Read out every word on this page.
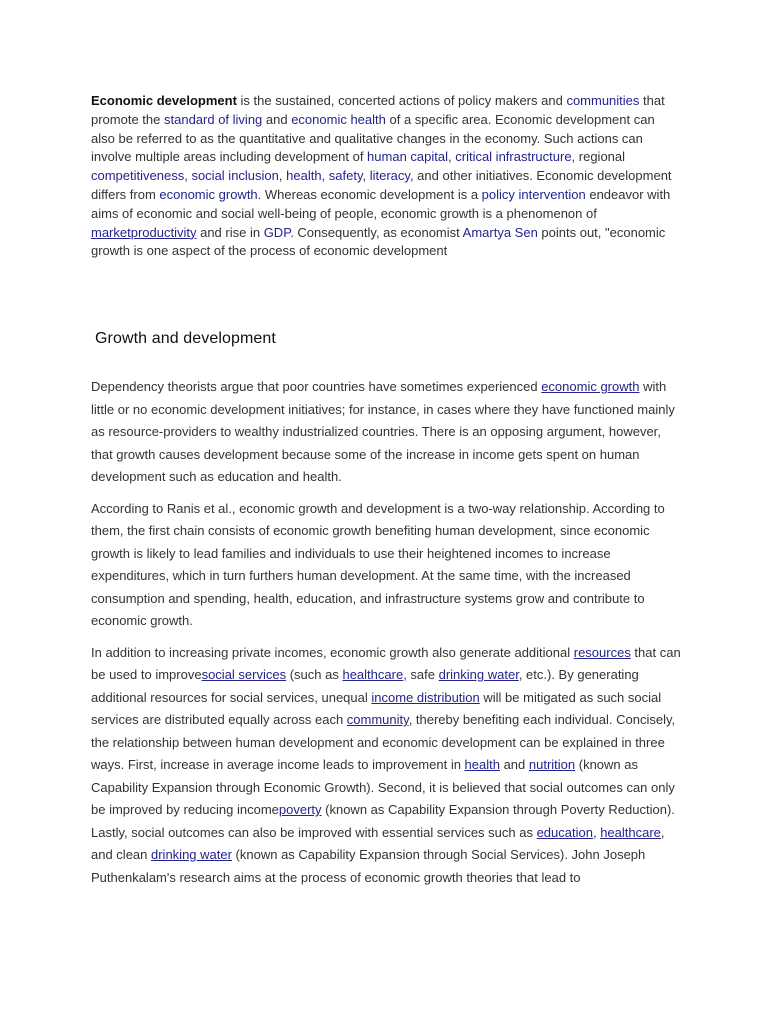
Economic development is the sustained, concerted actions of policy makers and communities that promote the standard of living and economic health of a specific area. Economic development can also be referred to as the quantitative and qualitative changes in the economy. Such actions can involve multiple areas including development of human capital, critical infrastructure, regional competitiveness, social inclusion, health, safety, literacy, and other initiatives. Economic development differs from economic growth. Whereas economic development is a policy intervention endeavor with aims of economic and social well-being of people, economic growth is a phenomenon of marketproductivity and rise in GDP. Consequently, as economist Amartya Sen points out, "economic growth is one aspect of the process of economic development

Growth and development

Dependency theorists argue that poor countries have sometimes experienced economic growth with little or no economic development initiatives; for instance, in cases where they have functioned mainly as resource-providers to wealthy industrialized countries. There is an opposing argument, however, that growth causes development because some of the increase in income gets spent on human development such as education and health.

According to Ranis et al., economic growth and development is a two-way relationship. According to them, the first chain consists of economic growth benefiting human development, since economic growth is likely to lead families and individuals to use their heightened incomes to increase expenditures, which in turn furthers human development. At the same time, with the increased consumption and spending, health, education, and infrastructure systems grow and contribute to economic growth.

In addition to increasing private incomes, economic growth also generate additional resources that can be used to improvesocial services (such as healthcare, safe drinking water, etc.). By generating additional resources for social services, unequal income distribution will be mitigated as such social services are distributed equally across each community, thereby benefiting each individual. Concisely, the relationship between human development and economic development can be explained in three ways. First, increase in average income leads to improvement in health and nutrition (known as Capability Expansion through Economic Growth). Second, it is believed that social outcomes can only be improved by reducing incomepoverty (known as Capability Expansion through Poverty Reduction). Lastly, social outcomes can also be improved with essential services such as education, healthcare, and clean drinking water (known as Capability Expansion through Social Services). John Joseph Puthenkalam's research aims at the process of economic growth theories that lead to
